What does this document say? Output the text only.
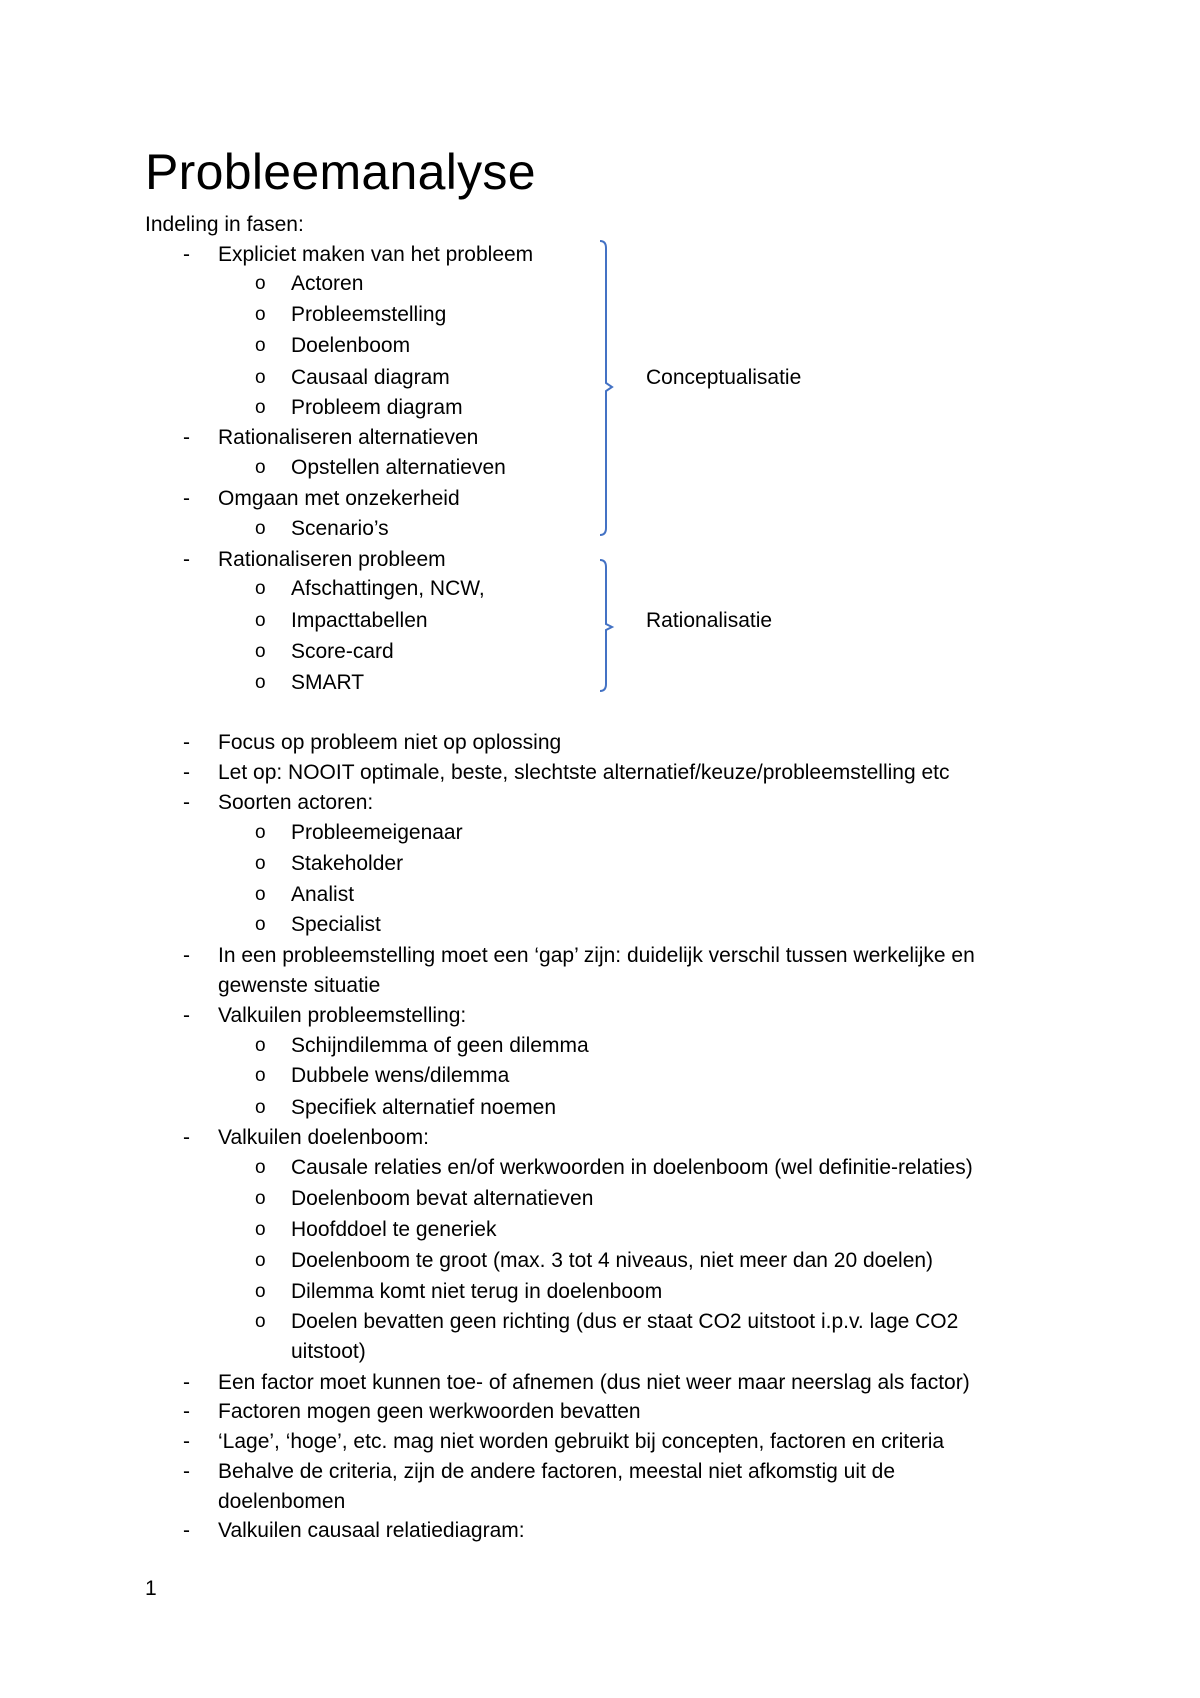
Probleemanalyse
Indeling in fasen:
- Expliciet maken van het probleem
o Actoren
o Probleemstelling
o Doelenboom
o Causaal diagram
o Probleem diagram
- Rationaliseren alternatieven
o Opstellen alternatieven
- Omgaan met onzekerheid
o Scenario’s
- Rationaliseren probleem
o Afschattingen, NCW,
o Impacttabellen
o Score-card
o SMART
Conceptualisatie
Rationalisatie
- Focus op probleem niet op oplossing
- Let op: NOOIT optimale, beste, slechtste alternatief/keuze/probleemstelling etc
- Soorten actoren:
o Probleemeigenaar
o Stakeholder
o Analist
o Specialist
- In een probleemstelling moet een ‘gap’ zijn: duidelijk verschil tussen werkelijke en
gewenste situatie
- Valkuilen probleemstelling:
o Schijndilemma of geen dilemma
o Dubbele wens/dilemma
o Specifiek alternatief noemen
- Valkuilen doelenboom:
o Causale relaties en/of werkwoorden in doelenboom (wel definitie-relaties)
o Doelenboom bevat alternatieven
o Hoofddoel te generiek
o Doelenboom te groot (max. 3 tot 4 niveaus, niet meer dan 20 doelen)
o Dilemma komt niet terug in doelenboom
o Doelen bevatten geen richting (dus er staat CO2 uitstoot i.p.v. lage CO2
uitstoot)
- Een factor moet kunnen toe- of afnemen (dus niet weer maar neerslag als factor)
- Factoren mogen geen werkwoorden bevatten
- ‘Lage’, ‘hoge’, etc. mag niet worden gebruikt bij concepten, factoren en criteria
- Behalve de criteria, zijn de andere factoren, meestal niet afkomstig uit de
doelenbomen
- Valkuilen causaal relatiediagram:
1
